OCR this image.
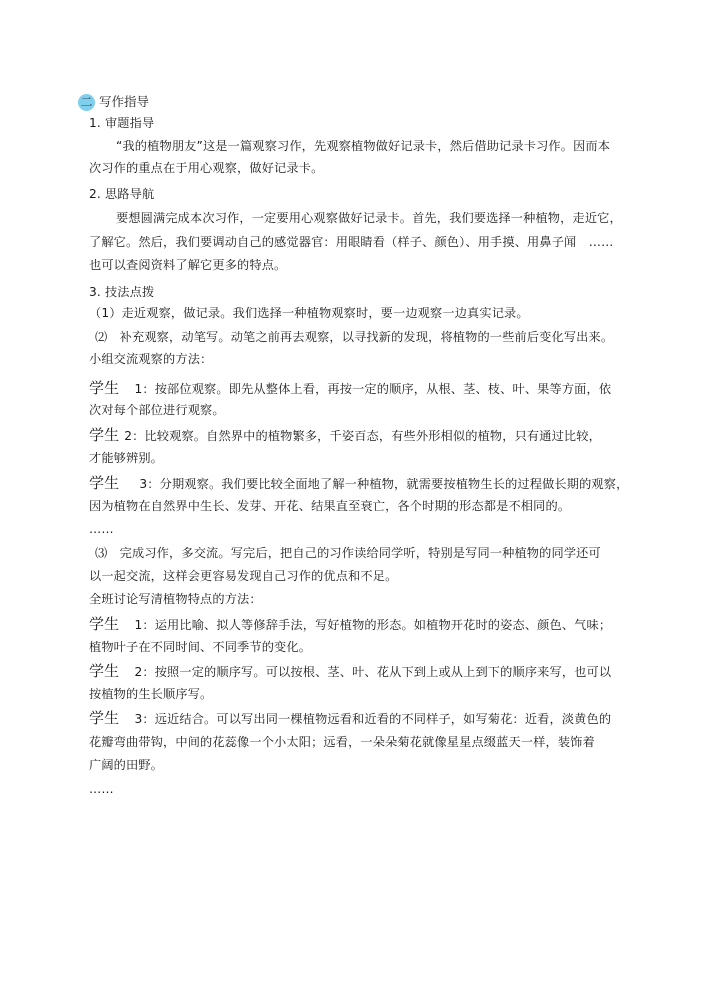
二 写作指导
1. 审题指导
“我的植物朋友”这是一篇观察习作，先观察植物做好记录卡，然后借助记录卡习作。因而本
次习作的重点在于用心观察，做好记录卡。
2. 思路导航
要想圆满完成本次习作，一定要用心观察做好记录卡。首先，我们要选择一种植物，走近它，
了解它。然后，我们要调动自己的感觉器官：用眼睛看（样子、颜色）、用手摸、用鼻子闻　……
也可以查阅资料了解它更多的特点。
3. 技法点拨
（1）走近观察，做记录。我们选择一种植物观察时，要一边观察一边真实记录。
⑵　补充观察，动笔写。动笔之前再去观察，以寻找新的发现，将植物的一些前后变化写出来。
小组交流观察的方法：
学生　1：按部位观察。即先从整体上看，再按一定的顺序，从根、茎、枝、叶、果等方面，依
次对每个部位进行观察。
学生 2：比较观察。自然界中的植物繁多，千姿百态，有些外形相似的植物，只有通过比较，
才能够辨别。
学生　 3：分期观察。我们要比较全面地了解一种植物，就需要按植物生长的过程做长期的观察，
因为植物在自然界中生长、发芽、开花、结果直至衰亡，各个时期的形态都是不相同的。
……
⑶　完成习作，多交流。写完后，把自己的习作读给同学听，特别是写同一种植物的同学还可
以一起交流，这样会更容易发现自己习作的优点和不足。
全班讨论写清植物特点的方法：
学生　1：运用比喻、拟人等修辞手法，写好植物的形态。如植物开花时的姿态、颜色、气味；
植物叶子在不同时间、不同季节的变化。
学生　2：按照一定的顺序写。可以按根、茎、叶、花从下到上或从上到下的顺序来写，也可以
按植物的生长顺序写。
学生　3：远近结合。可以写出同一棵植物远看和近看的不同样子，如写菊花：近看，淡黄色的
花瓣弯曲带钩，中间的花蕊像一个小太阳；远看，一朵朵菊花就像星星点缀蓝天一样，装饰着
广阔的田野。
……
